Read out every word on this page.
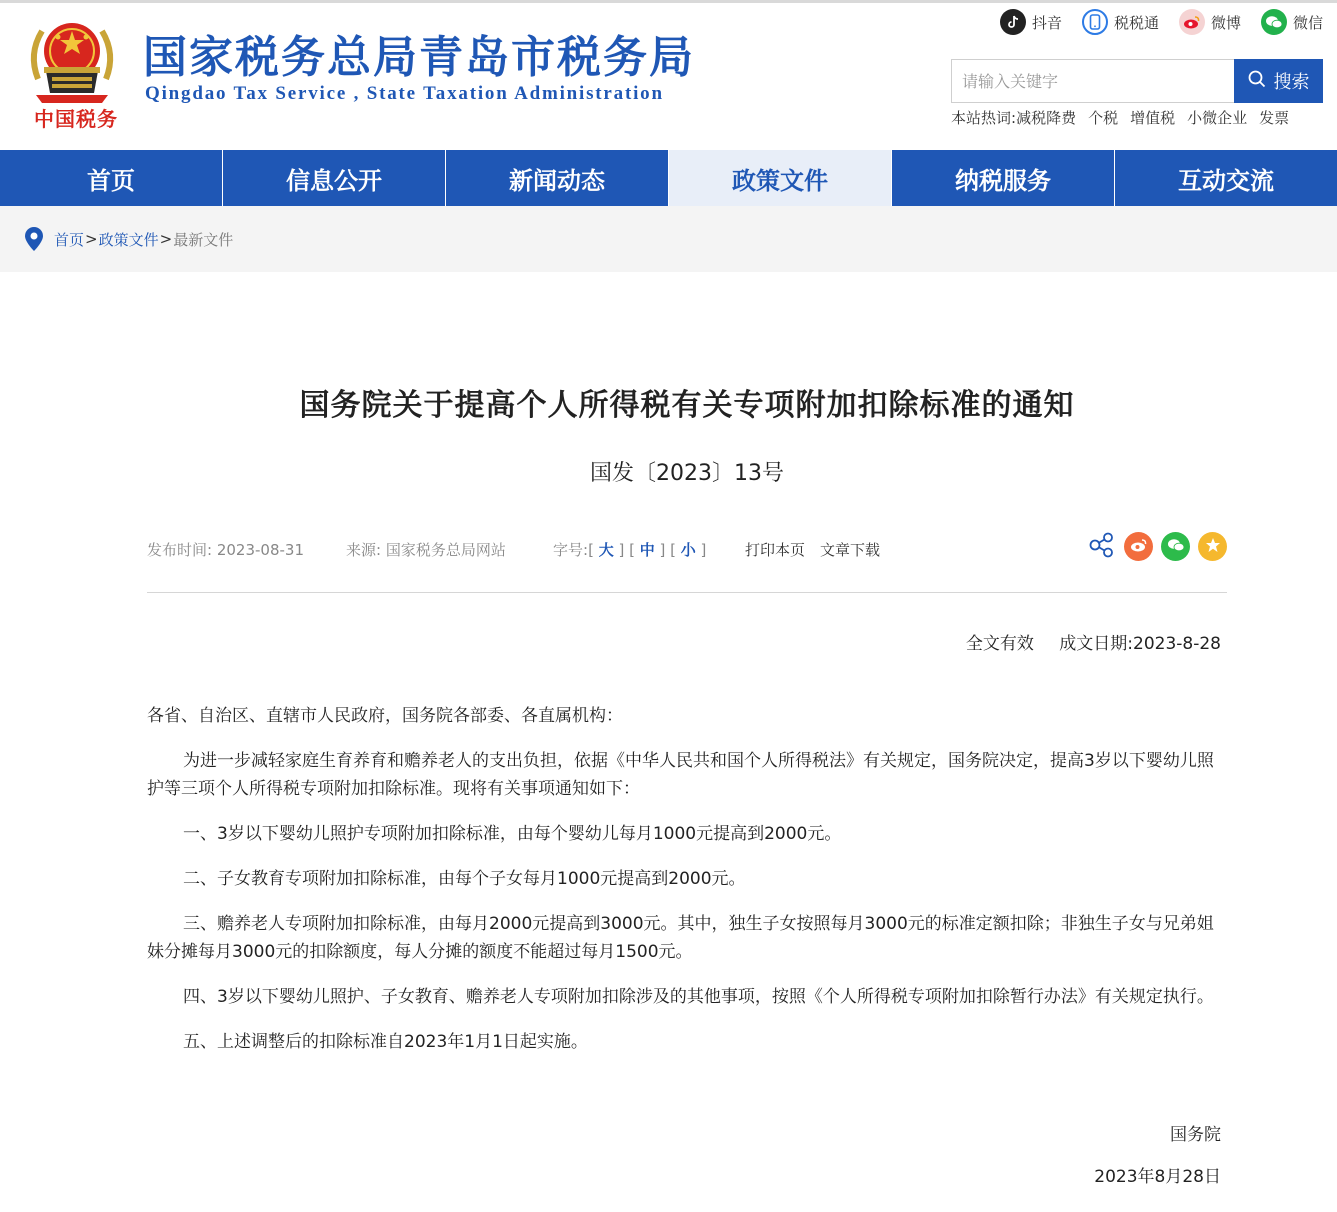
中国税务
国家税务总局青岛市税务局
Qingdao Tax Service , State Taxation Administration
抖音	税税通	微博	微信
请输入关键字
搜索
本站热词:减税降费 个税 增值税 小微企业 发票
首页	信息公开	新闻动态	政策文件	纳税服务	互动交流
首页 > 政策文件 > 最新文件
国务院关于提高个人所得税有关专项附加扣除标准的通知
国发〔2023〕13号
发布时间: 2023-08-31	来源: 国家税务总局网站	字号:[ 大 ] [ 中 ] [ 小 ]	打印本页 文章下载
全文有效 成文日期:2023-8-28

各省、自治区、直辖市人民政府，国务院各部委、各直属机构：

为进一步减轻家庭生育养育和赡养老人的支出负担，依据《中华人民共和国个人所得税法》有关规定，国务院决定，提高3岁以下婴幼儿照护等三项个人所得税专项附加扣除标准。现将有关事项通知如下：

一、3岁以下婴幼儿照护专项附加扣除标准，由每个婴幼儿每月1000元提高到2000元。

二、子女教育专项附加扣除标准，由每个子女每月1000元提高到2000元。

三、赡养老人专项附加扣除标准，由每月2000元提高到3000元。其中，独生子女按照每月3000元的标准定额扣除；非独生子女与兄弟姐妹分摊每月3000元的扣除额度，每人分摊的额度不能超过每月1500元。

四、3岁以下婴幼儿照护、子女教育、赡养老人专项附加扣除涉及的其他事项，按照《个人所得税专项附加扣除暂行办法》有关规定执行。

五、上述调整后的扣除标准自2023年1月1日起实施。

国务院
2023年8月28日
